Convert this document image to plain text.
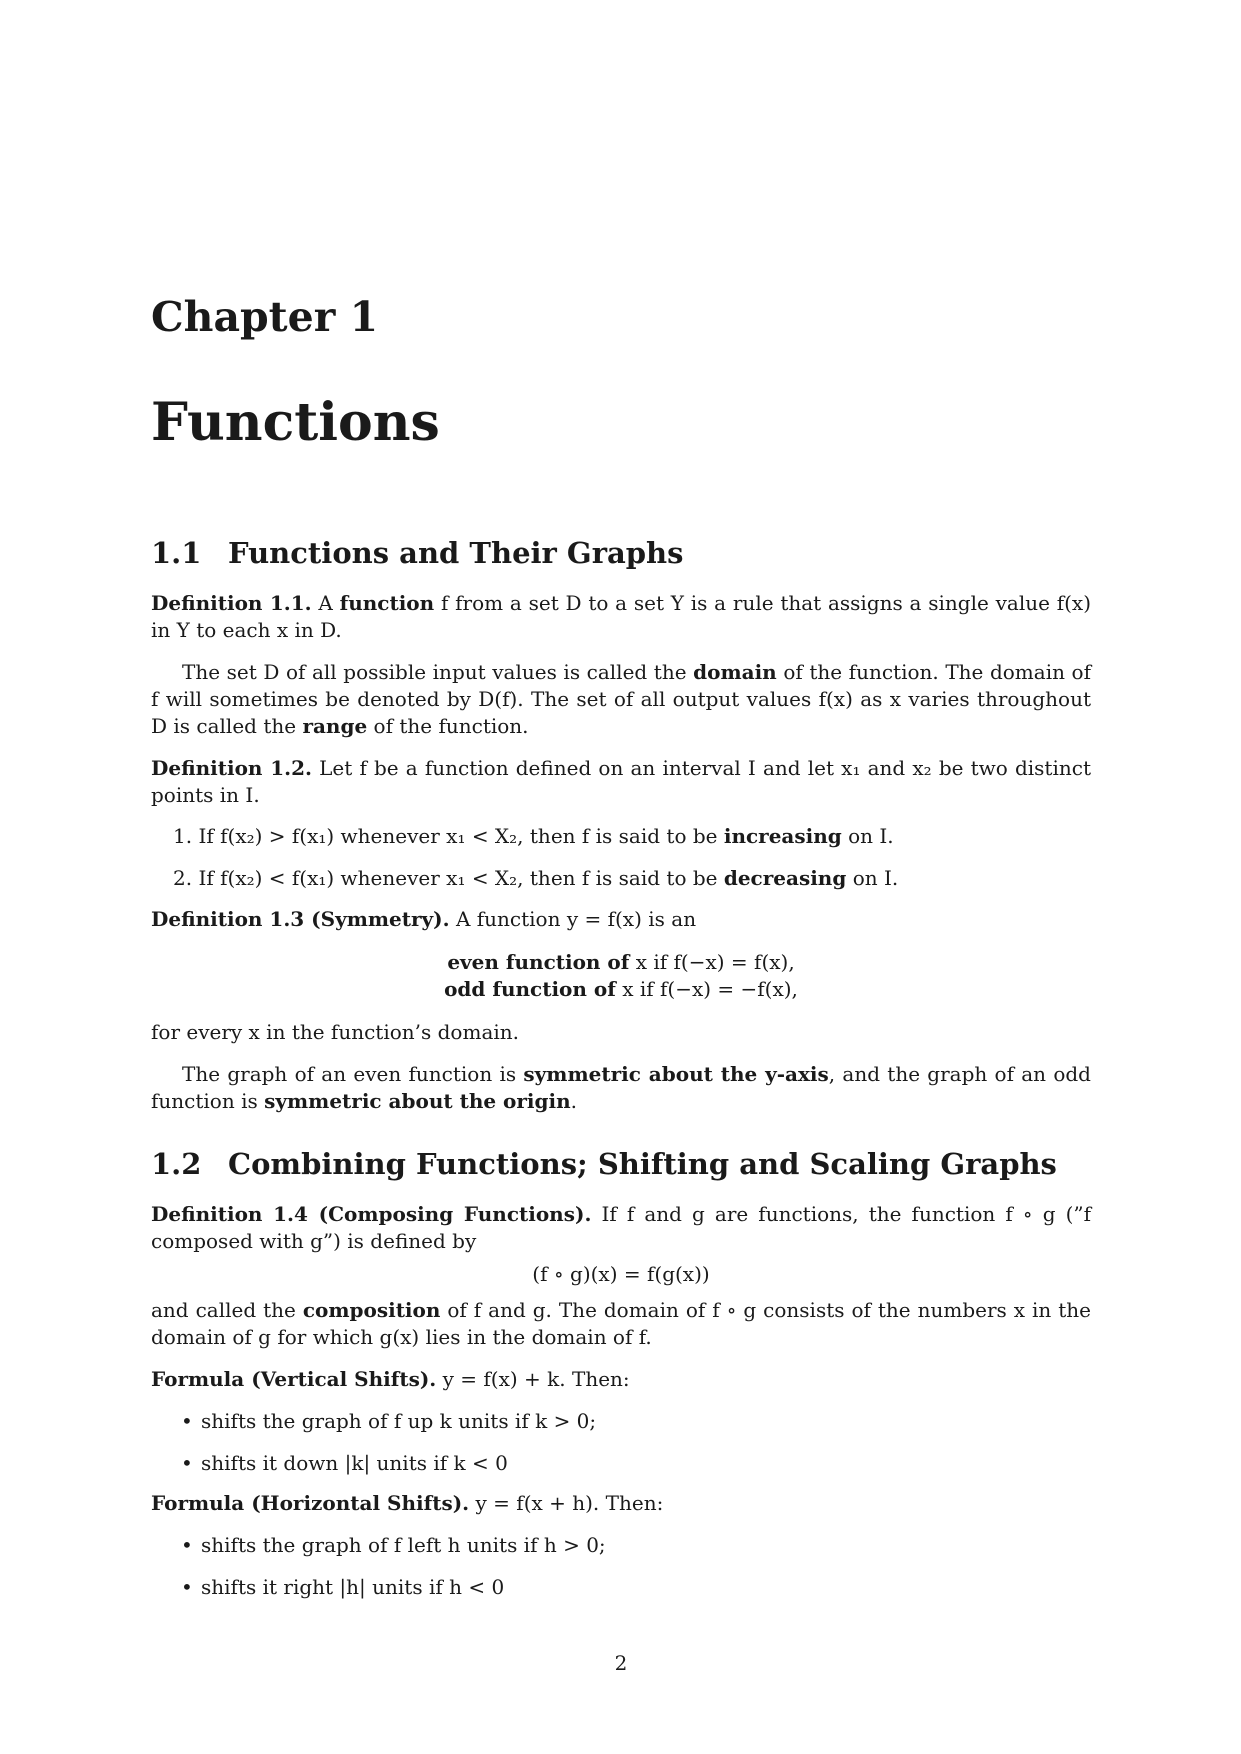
Chapter 1
Functions
1.1 Functions and Their Graphs
Definition 1.1. A function f from a set D to a set Y is a rule that assigns a single value f(x) in Y to each x in D.
The set D of all possible input values is called the domain of the function. The domain of f will sometimes be denoted by D(f). The set of all output values f(x) as x varies throughout D is called the range of the function.
Definition 1.2. Let f be a function defined on an interval I and let x₁ and x₂ be two distinct points in I.
1. If f(x₂) > f(x₁) whenever x₁ < X₂, then f is said to be increasing on I.
2. If f(x₂) < f(x₁) whenever x₁ < X₂, then f is said to be decreasing on I.
Definition 1.3 (Symmetry). A function y = f(x) is an
even function of x if f(−x) = f(x),
odd function of x if f(−x) = −f(x),
for every x in the function’s domain.
The graph of an even function is symmetric about the y-axis, and the graph of an odd function is symmetric about the origin.
1.2 Combining Functions; Shifting and Scaling Graphs
Definition 1.4 (Composing Functions). If f and g are functions, the function f ∘ g (”f composed with g”) is defined by
(f ∘ g)(x) = f(g(x))
and called the composition of f and g. The domain of f ∘ g consists of the numbers x in the domain of g for which g(x) lies in the domain of f.
Formula (Vertical Shifts). y = f(x) + k. Then:
• shifts the graph of f up k units if k > 0;
• shifts it down |k| units if k < 0
Formula (Horizontal Shifts). y = f(x + h). Then:
• shifts the graph of f left h units if h > 0;
• shifts it right |h| units if h < 0
2
